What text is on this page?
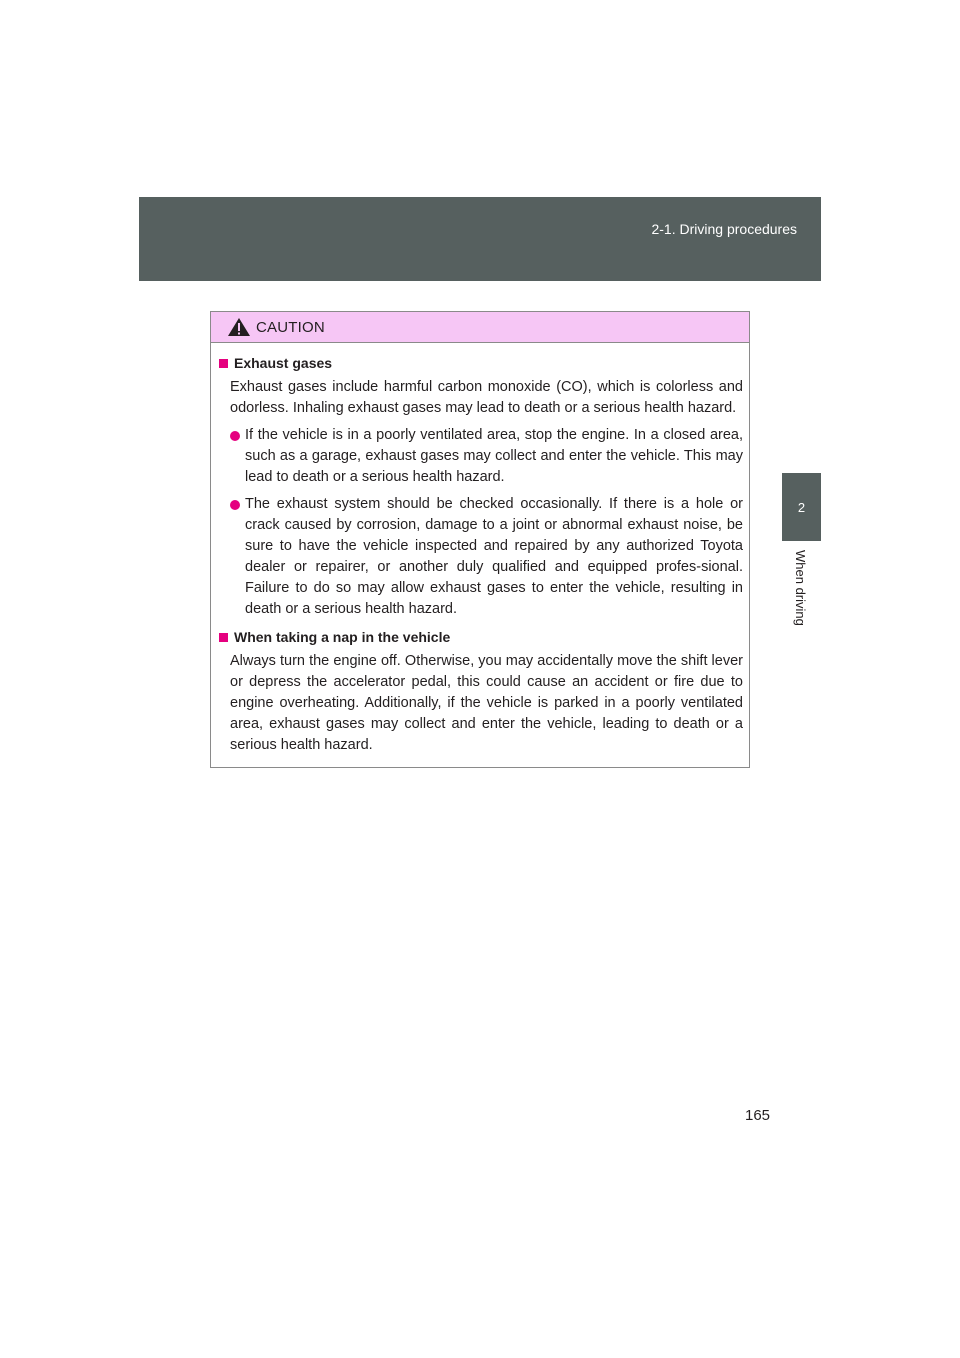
2-1. Driving procedures
2
When driving
CAUTION
Exhaust gases
Exhaust gases include harmful carbon monoxide (CO), which is colorless and odorless. Inhaling exhaust gases may lead to death or a serious health hazard.
If the vehicle is in a poorly ventilated area, stop the engine. In a closed area, such as a garage, exhaust gases may collect and enter the vehicle. This may lead to death or a serious health hazard.
The exhaust system should be checked occasionally. If there is a hole or crack caused by corrosion, damage to a joint or abnormal exhaust noise, be sure to have the vehicle inspected and repaired by any authorized Toyota dealer or repairer, or another duly qualified and equipped profes-sional. Failure to do so may allow exhaust gases to enter the vehicle, resulting in death or a serious health hazard.
When taking a nap in the vehicle
Always turn the engine off. Otherwise, you may accidentally move the shift lever or depress the accelerator pedal, this could cause an accident or fire due to engine overheating. Additionally, if the vehicle is parked in a poorly ventilated area, exhaust gases may collect and enter the vehicle, leading to death or a serious health hazard.
165
